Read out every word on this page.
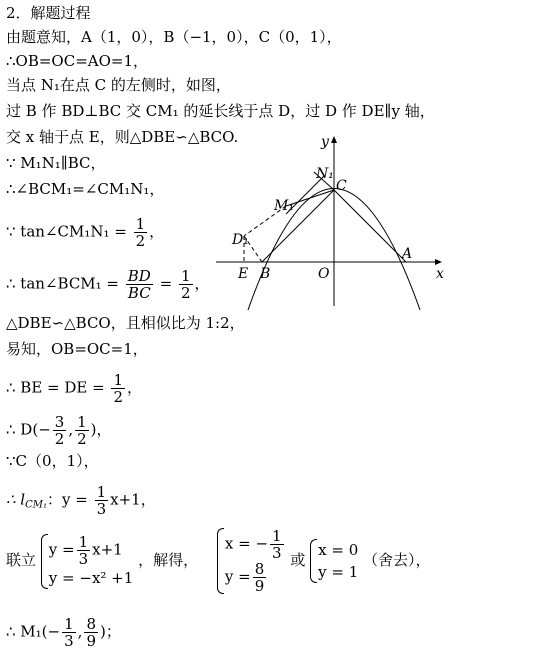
2．解题过程
由题意知，A（1，0），B（−1，0），C（0，1），
∴OB=OC=AO=1，
当点 N₁在点 C 的左侧时，如图，
过 B 作 BD⊥BC 交 CM₁ 的延长线于点 D，过 D 作 DE∥y 轴，
交 x 轴于点 E，则△DBE∽△BCO.
∵ M₁N₁∥BC，
∴∠BCM₁=∠CM₁N₁，
∵ tan∠CM₁N₁ = $\frac{1}{2}$ ，
∴ tan∠BCM₁ = $\frac{BD}{BC} = \frac{1}{2}$ ，
△DBE∽△BCO，且相似比为 1:2，
易知，OB=OC=1，
∴ BE = DE = $\frac{1}{2}$ ，
∴ $D(- \frac{3}{2}$ , $\frac{1}{2}$ )，
∵C（0，1），
∴ $l_{CM_1}$：$y = \frac{1}{3} x+1$，
联立
$y = \frac{1}{3} x+1$
y = −x² +1
，解得，
x = − $\frac{1}{3}$
$y = \frac{8}{9}$
或
x = 0
y = 1
（舍去），
∴ $M_1(- \frac{1}{3}$ , $\frac{8}{9}$ )；
y
x
N₁
C
M₁
D₁
E B	O
A
